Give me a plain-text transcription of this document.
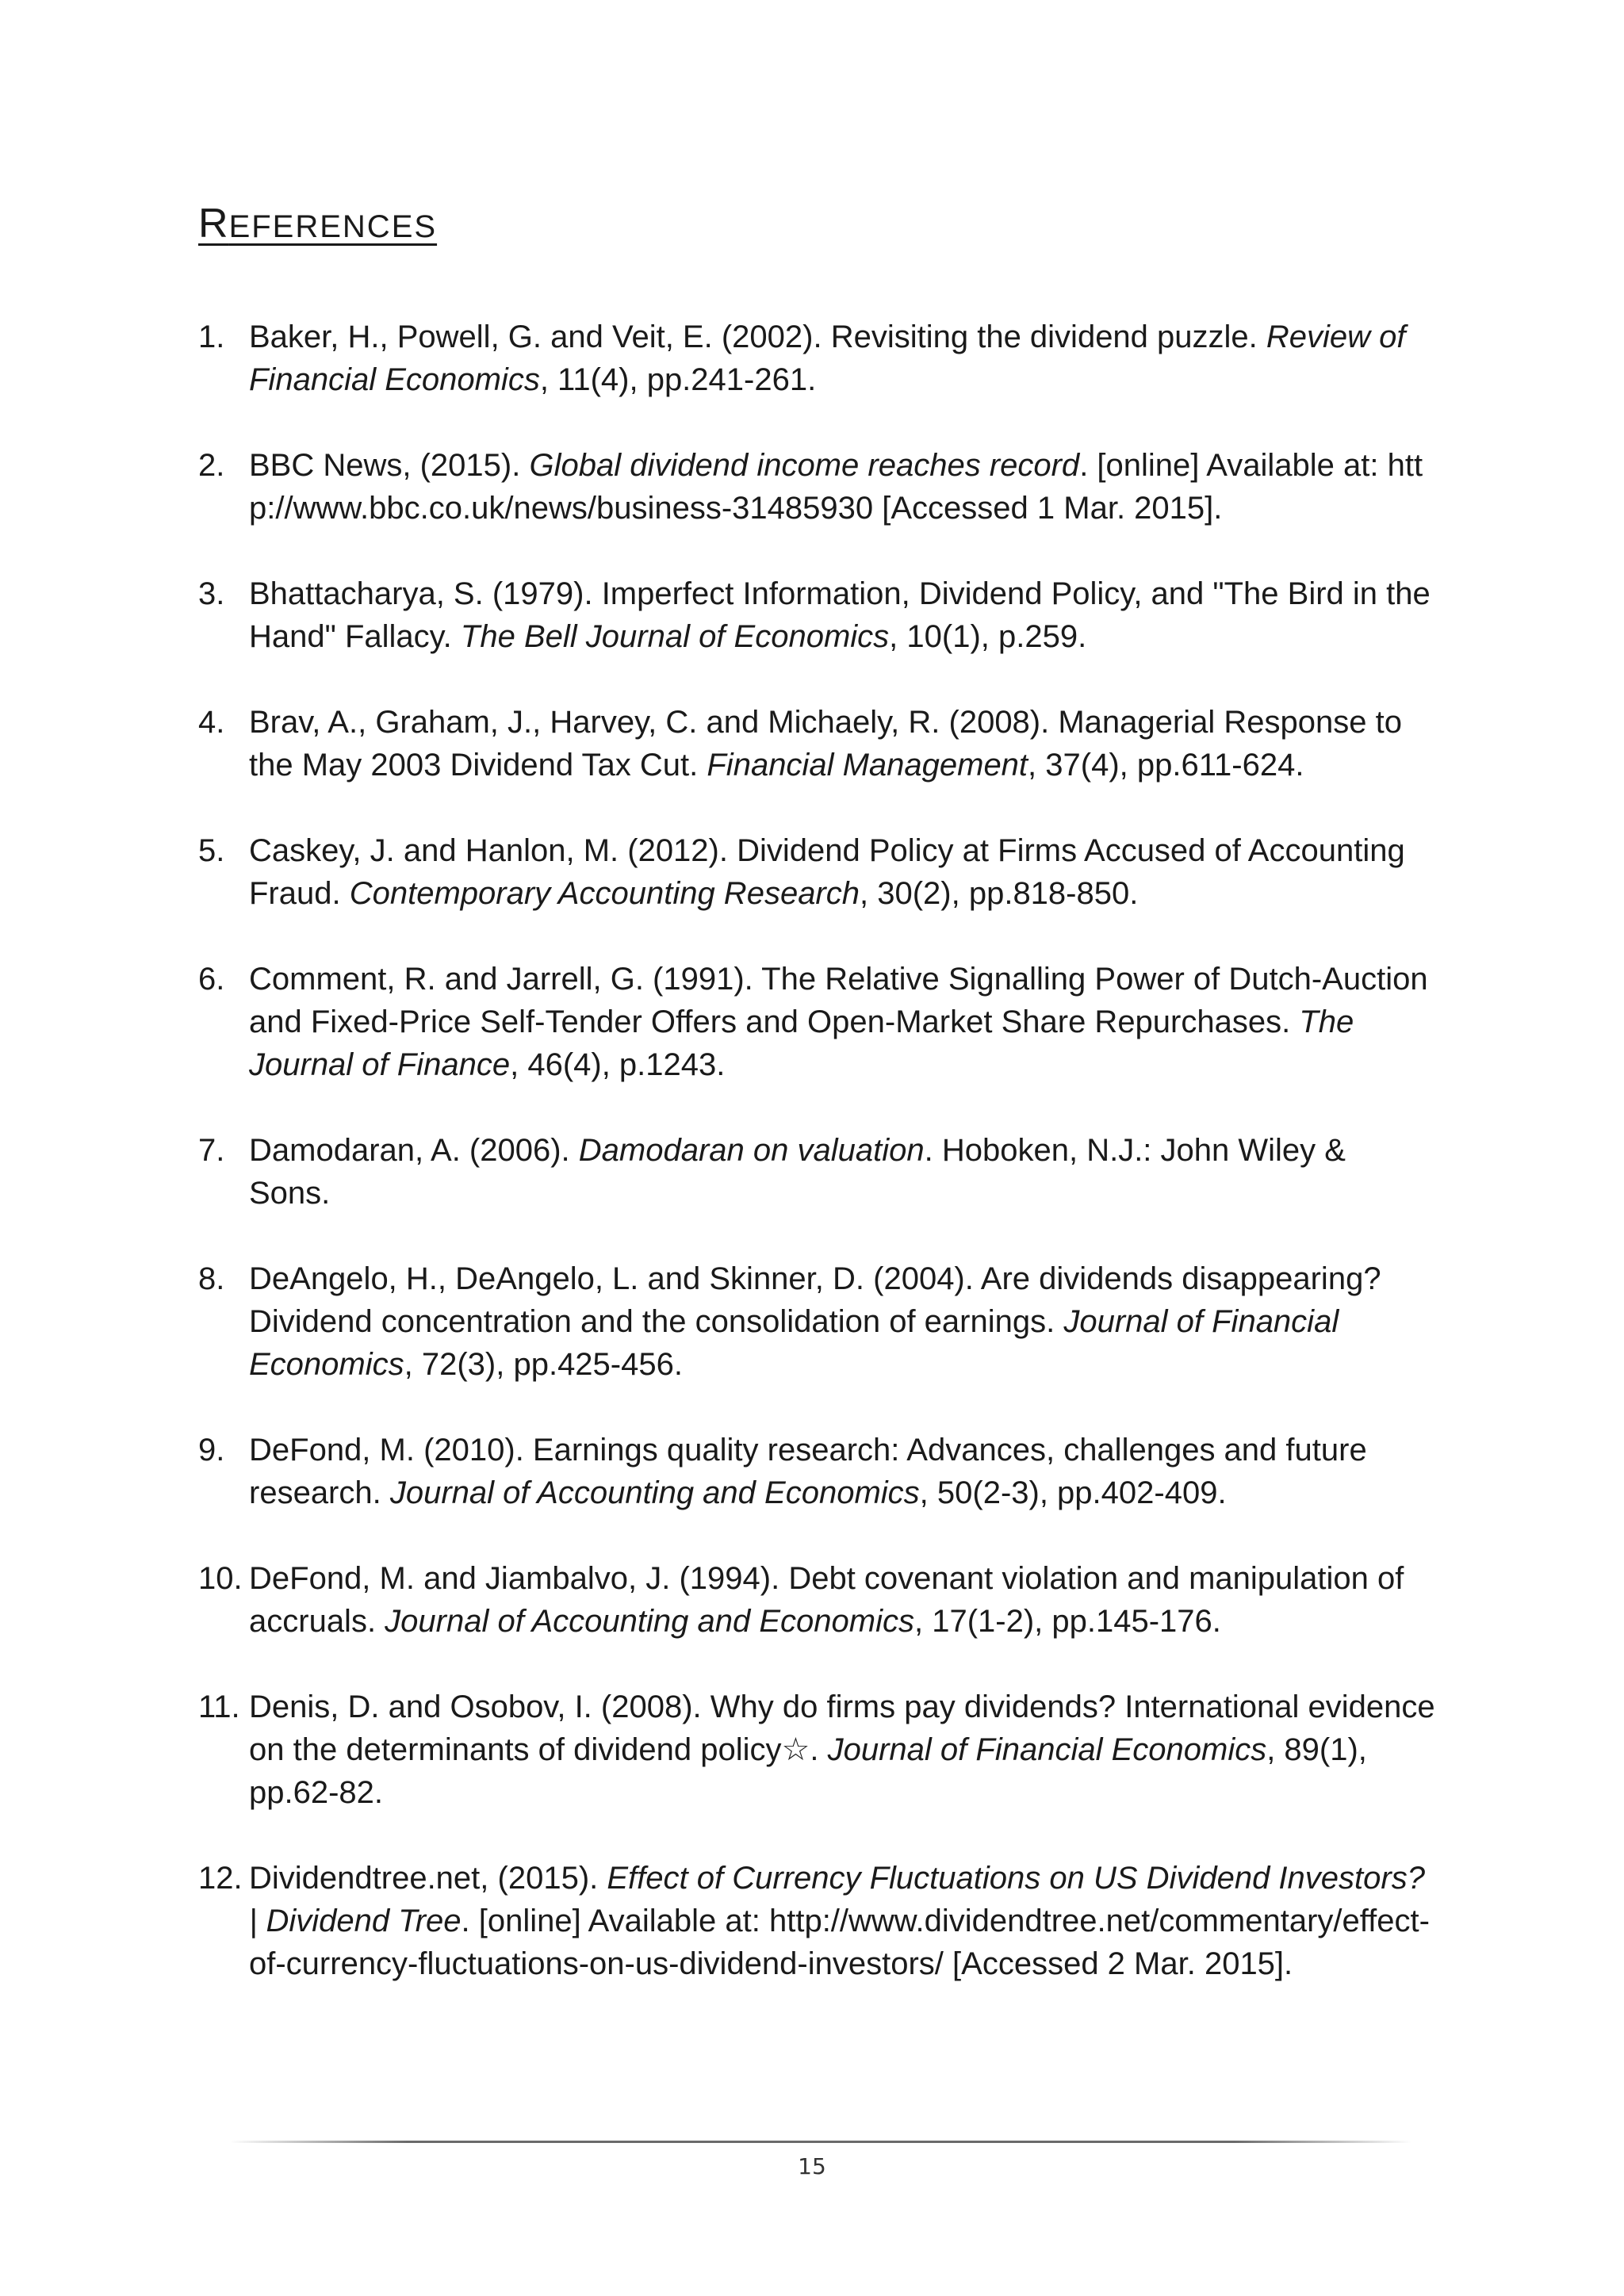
REFERENCES
1. Baker, H., Powell, G. and Veit, E. (2002). Revisiting the dividend puzzle. Review of Financial Economics, 11(4), pp.241-261.
2. BBC News, (2015). Global dividend income reaches record. [online] Available at: http://www.bbc.co.uk/news/business-31485930 [Accessed 1 Mar. 2015].
3. Bhattacharya, S. (1979). Imperfect Information, Dividend Policy, and "The Bird in the Hand" Fallacy. The Bell Journal of Economics, 10(1), p.259.
4. Brav, A., Graham, J., Harvey, C. and Michaely, R. (2008). Managerial Response to the May 2003 Dividend Tax Cut. Financial Management, 37(4), pp.611-624.
5. Caskey, J. and Hanlon, M. (2012). Dividend Policy at Firms Accused of Accounting Fraud. Contemporary Accounting Research, 30(2), pp.818-850.
6. Comment, R. and Jarrell, G. (1991). The Relative Signalling Power of Dutch-Auction and Fixed-Price Self-Tender Offers and Open-Market Share Repurchases. The Journal of Finance, 46(4), p.1243.
7. Damodaran, A. (2006). Damodaran on valuation. Hoboken, N.J.: John Wiley & Sons.
8. DeAngelo, H., DeAngelo, L. and Skinner, D. (2004). Are dividends disappearing? Dividend concentration and the consolidation of earnings. Journal of Financial Economics, 72(3), pp.425-456.
9. DeFond, M. (2010). Earnings quality research: Advances, challenges and future research. Journal of Accounting and Economics, 50(2-3), pp.402-409.
10. DeFond, M. and Jiambalvo, J. (1994). Debt covenant violation and manipulation of accruals. Journal of Accounting and Economics, 17(1-2), pp.145-176.
11. Denis, D. and Osobov, I. (2008). Why do firms pay dividends? International evidence on the determinants of dividend policy☆. Journal of Financial Economics, 89(1), pp.62-82.
12. Dividendtree.net, (2015). Effect of Currency Fluctuations on US Dividend Investors? | Dividend Tree. [online] Available at: http://www.dividendtree.net/commentary/effect-of-currency-fluctuations-on-us-dividend-investors/ [Accessed 2 Mar. 2015].
15
